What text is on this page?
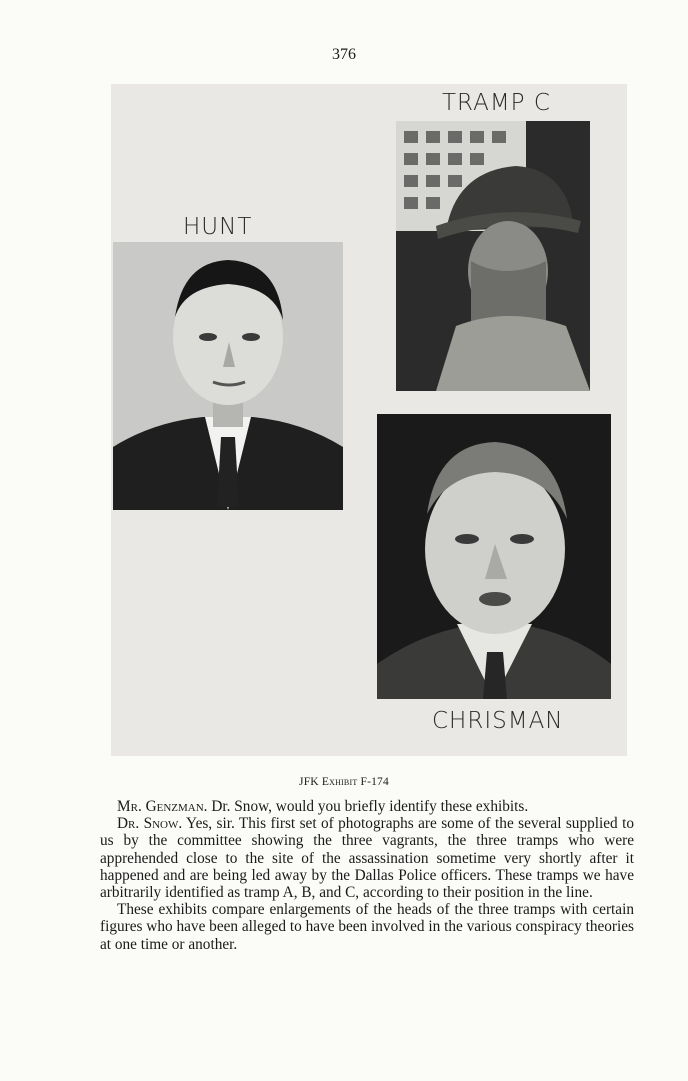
376
TRAMP C
HUNT
CHRISMAN
JFK Exhibit F-174

Mr. Genzman. Dr. Snow, would you briefly identify these exhibits.

Dr. Snow. Yes, sir. This first set of photographs are some of the several supplied to us by the committee showing the three vagrants, the three tramps who were apprehended close to the site of the assassination sometime very shortly after it happened and are being led away by the Dallas Police officers. These tramps we have arbitrarily identified as tramp A, B, and C, according to their position in the line.

These exhibits compare enlargements of the heads of the three tramps with certain figures who have been alleged to have been involved in the various conspiracy theories at one time or another.
